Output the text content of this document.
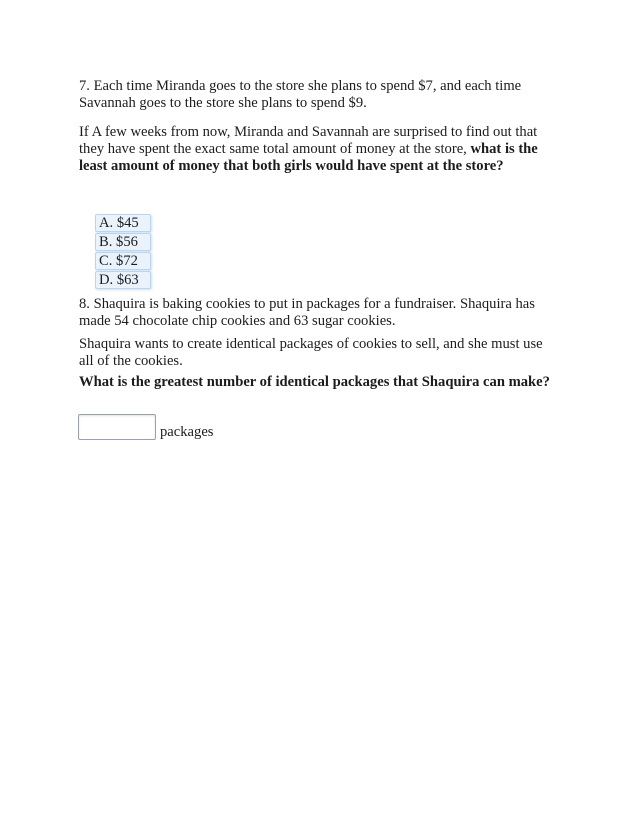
7. Each time Miranda goes to the store she plans to spend $7, and each time Savannah goes to the store she plans to spend $9.

If A few weeks from now, Miranda and Savannah are surprised to find out that they have spent the exact same total amount of money at the store, what is the least amount of money that both girls would have spent at the store?

A. $45
B. $56
C. $72
D. $63

8. Shaquira is baking cookies to put in packages for a fundraiser. Shaquira has made 54 chocolate chip cookies and 63 sugar cookies.

Shaquira wants to create identical packages of cookies to sell, and she must use all of the cookies.

What is the greatest number of identical packages that Shaquira can make?

packages
